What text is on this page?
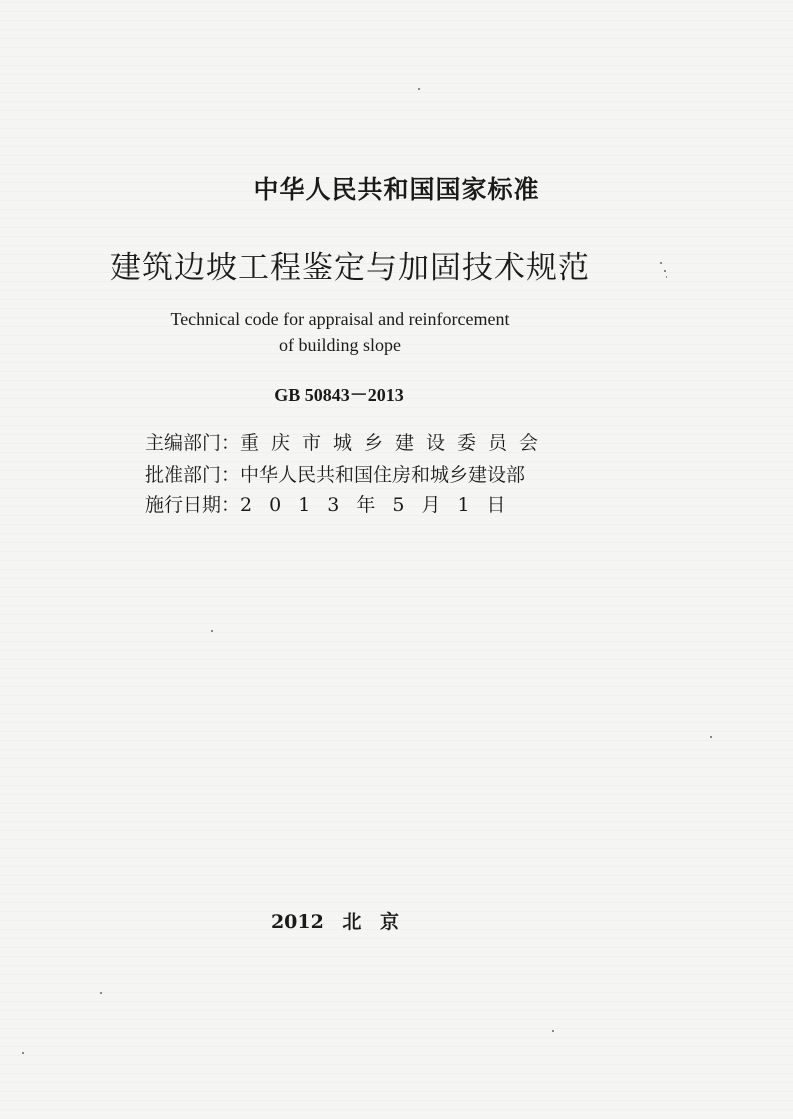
中华人民共和国国家标准
建筑边坡工程鉴定与加固技术规范
Technical code for appraisal and reinforcement
of building slope
GB 50843－2013
主编部门： 重庆市城乡建设委员会
批准部门： 中华人民共和国住房和城乡建设部
施行日期： 2013年5月1日
2012 北 京
